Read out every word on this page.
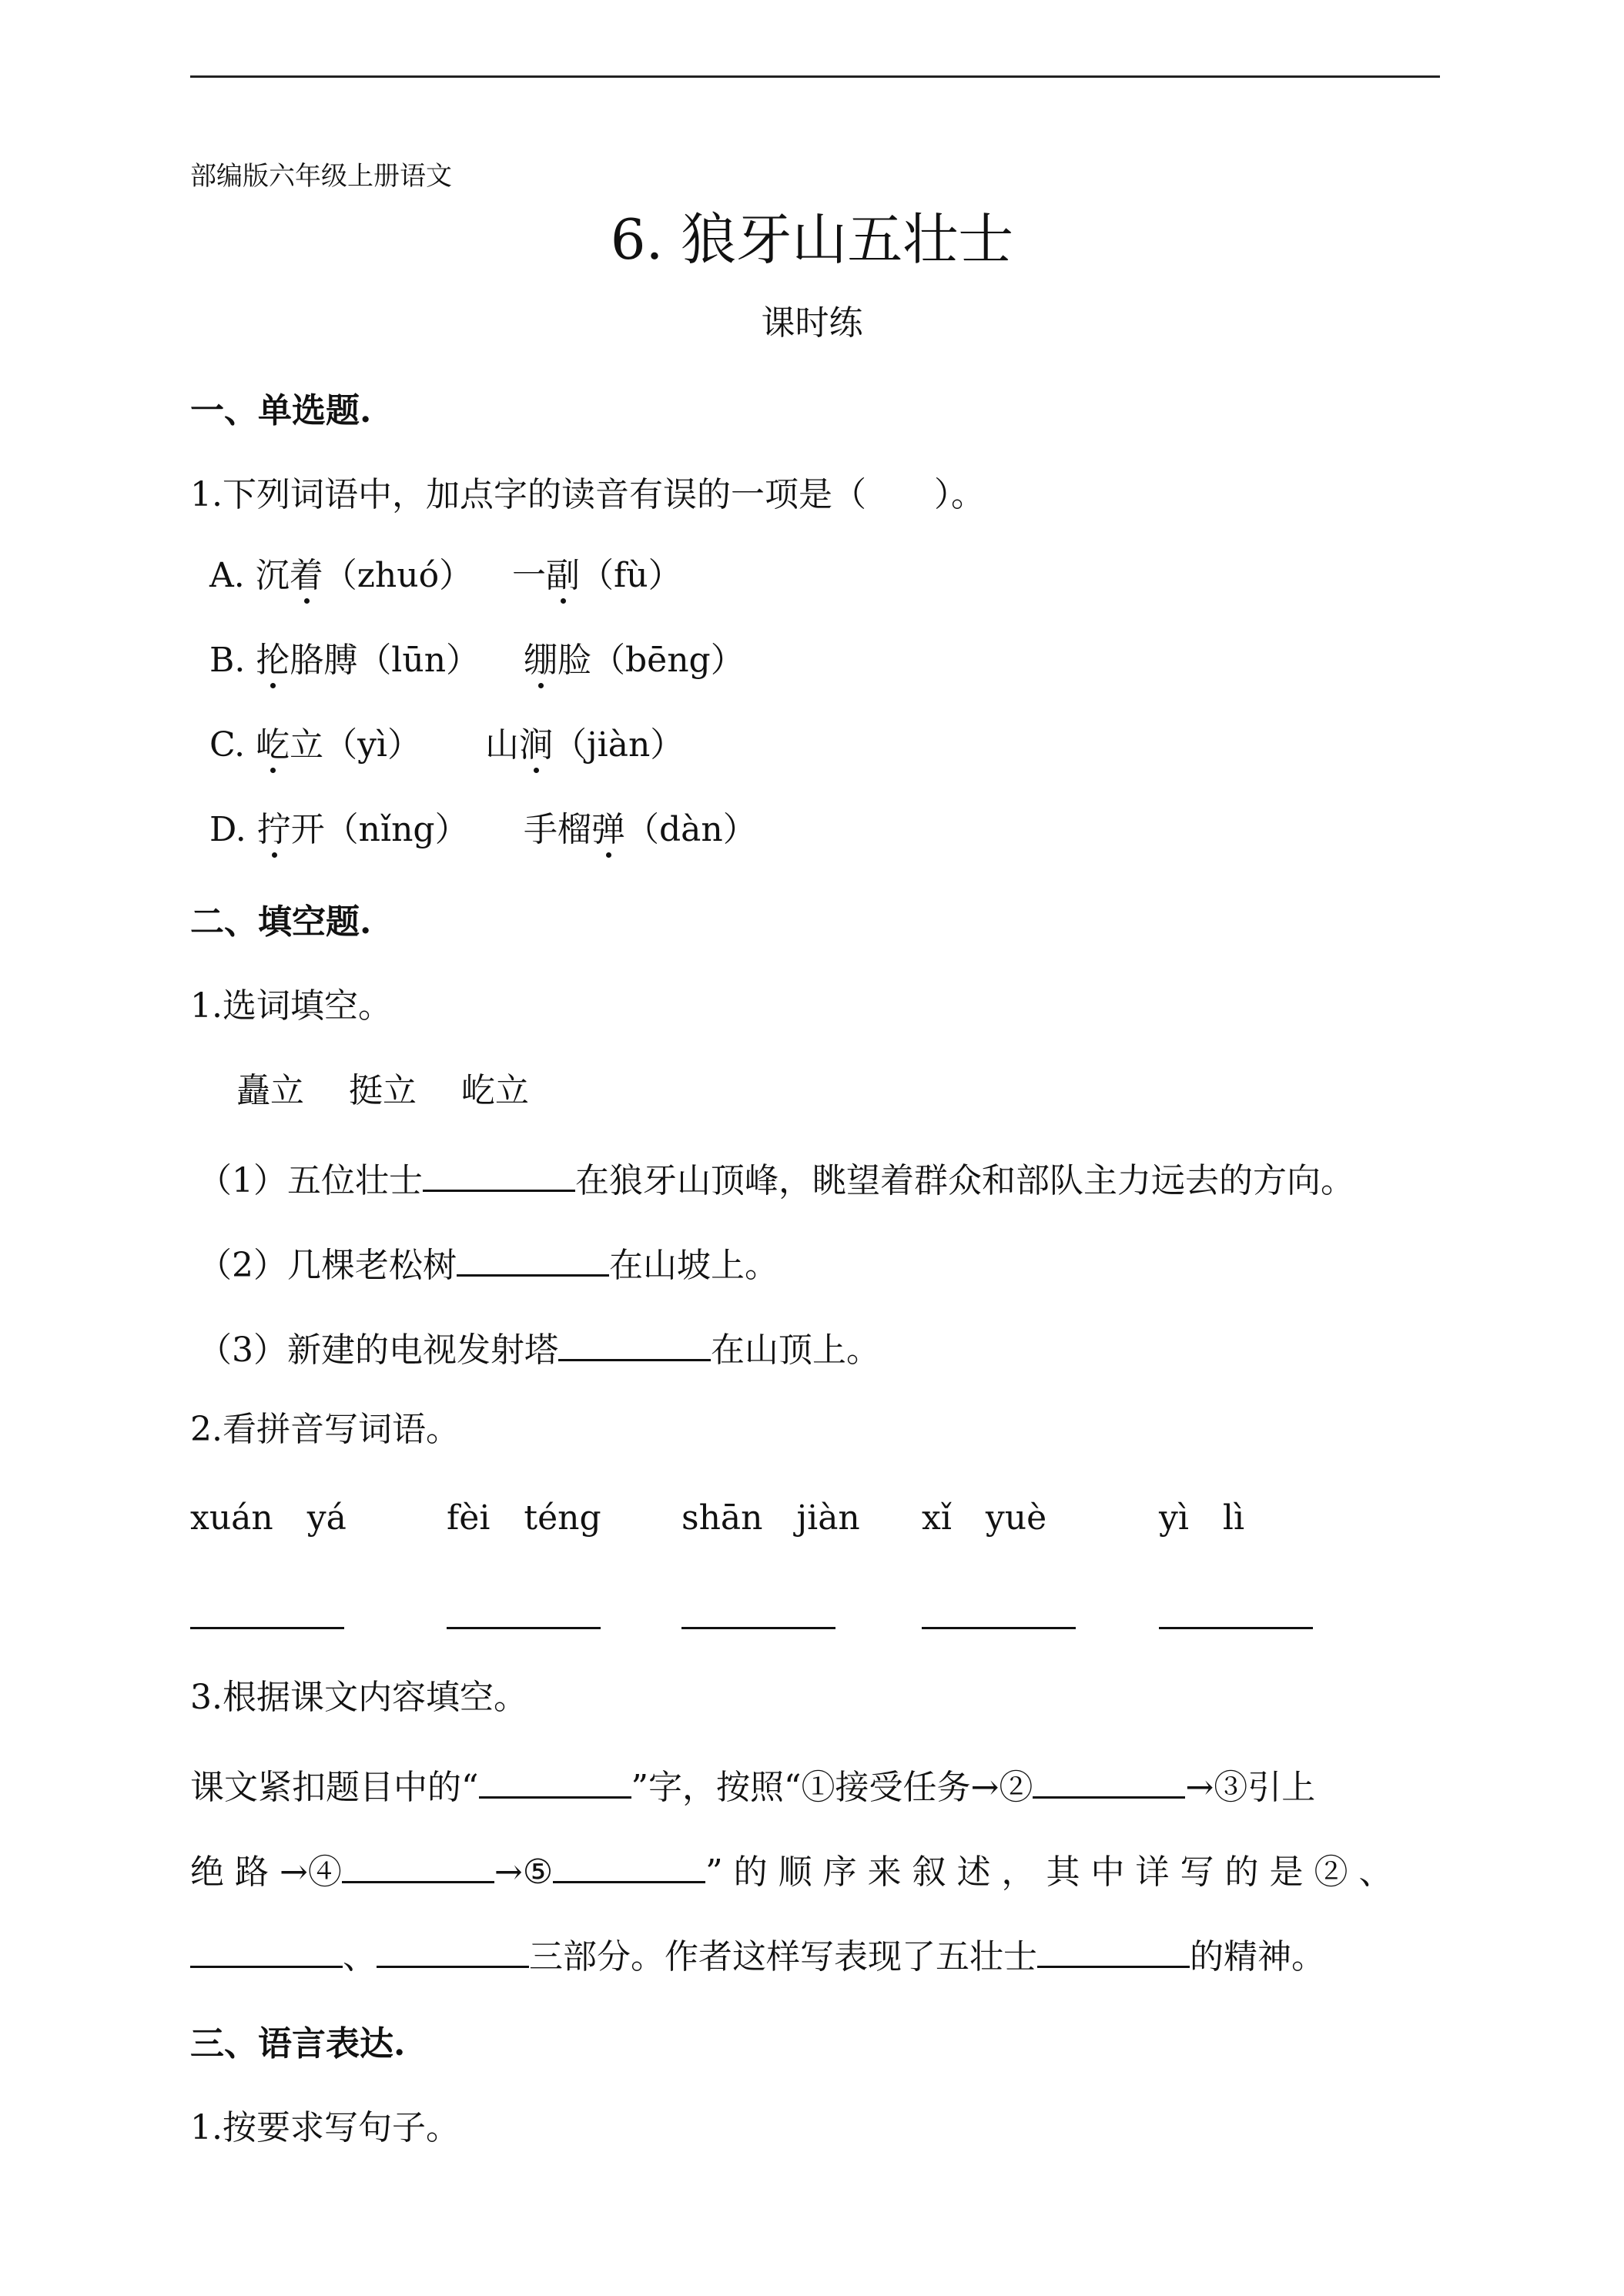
部编版六年级上册语文
6. 狼牙山五壮士
课时练
一、单选题.
1.下列词语中，加点字的读音有误的一项是（　　）。
A. 沉着（zhuó） 一副（fù）
B. 抡胳膊（lūn） 绷脸（bēng）
C. 屹立（yì） 山涧（jiàn）
D. 拧开（nǐng） 手榴弹（dàn）
二、填空题.
1.选词填空。
矗立　 挺立　 屹立
（1）五位壮士	在狼牙山顶峰，眺望着群众和部队主力远去的方向。
（2）几棵老松树	在山坡上。
（3）新建的电视发射塔	在山顶上。
2.看拼音写词语。
xuán　yá	fèi　téng shān　jiàn xǐ　yuè	yì　lì
3.根据课文内容填空。
课文紧扣题目中的“	”字，按照“①接受任务→②	→③引上
绝 路 →④	→⑤	” 的 顺 序 来 叙 述 ， 其 中 详 写 的 是 ② 、
、	三部分。作者这样写表现了五壮士	的精神。
三、语言表达.
1.按要求写句子。
